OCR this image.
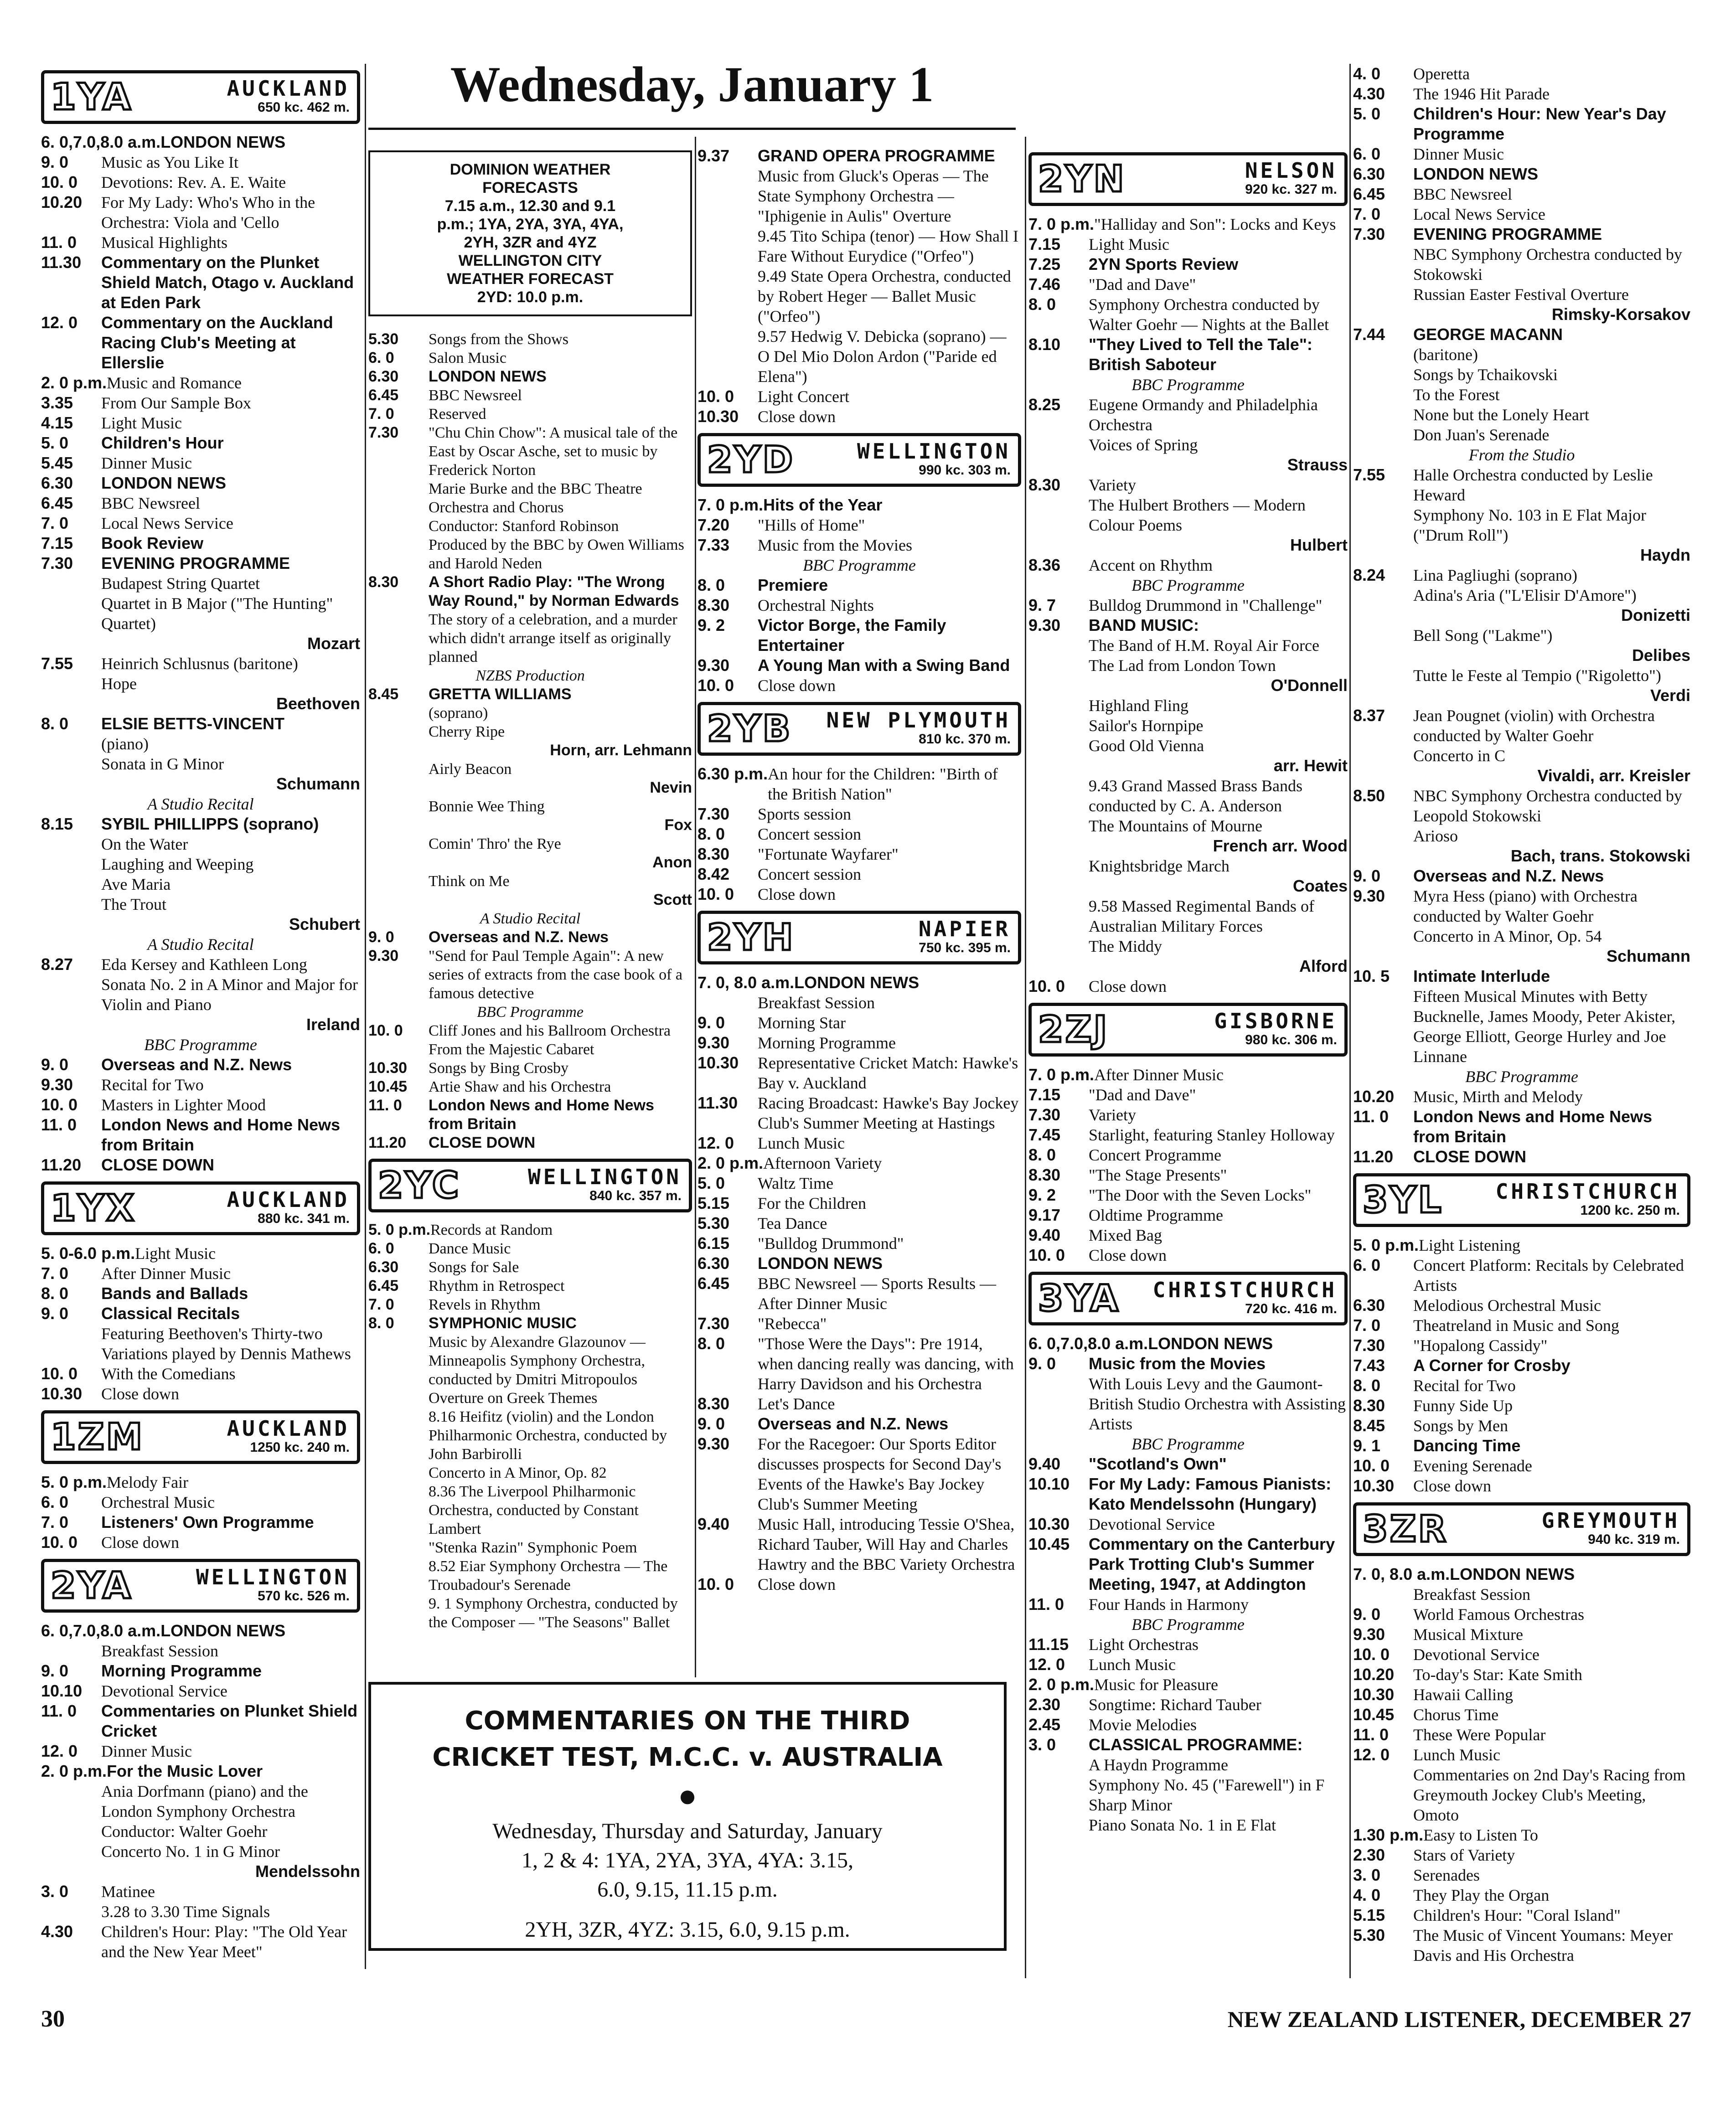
Wednesday, January 1
1YA	AUCKLAND
650 kc. 462 m.
6. 0,7.0,8.0 a.m. LONDON NEWS
9. 0	Music as You Like It
10. 0	Devotions: Rev. A. E. Waite
10.20	For My Lady: Who's Who in the Orchestra: Viola and 'Cello
11. 0	Musical Highlights
11.30	Commentary on the Plunket Shield Match, Otago v. Auckland at Eden Park
12. 0	Commentary on the Auckland Racing Club's Meeting at Ellerslie
2. 0 p.m. Music and Romance
3.35	From Our Sample Box
4.15	Light Music
5. 0	Children's Hour
5.45	Dinner Music
6.30	LONDON NEWS
6.45	BBC Newsreel
7. 0	Local News Service
7.15	Book Review
7.30	EVENING PROGRAMME
Budapest String Quartet
Quartet in B Major ("The Hunting" Quartet)
Mozart
7.55	Heinrich Schlusnus (baritone)
Hope
Beethoven
8. 0	ELSIE BETTS-VINCENT
(piano)
Sonata in G Minor
Schumann
A Studio Recital
8.15	SYBIL PHILLIPPS (soprano)
On the Water
Laughing and Weeping
Ave Maria
The Trout
Schubert
A Studio Recital
8.27	Eda Kersey and Kathleen Long
Sonata No. 2 in A Minor and Major for Violin and Piano
Ireland
BBC Programme
9. 0	Overseas and N.Z. News
9.30	Recital for Two
10. 0	Masters in Lighter Mood
11. 0	London News and Home News from Britain
11.20	CLOSE DOWN
1YX	AUCKLAND
880 kc. 341 m.
5. 0-6.0 p.m. Light Music
7. 0	After Dinner Music
8. 0	Bands and Ballads
9. 0	Classical Recitals
Featuring Beethoven's Thirty-two Variations played by Dennis Mathews
10. 0	With the Comedians
10.30	Close down
1ZM	AUCKLAND
1250 kc. 240 m.
5. 0 p.m. Melody Fair
6. 0	Orchestral Music
7. 0	Listeners' Own Programme
10. 0	Close down
2YA	WELLINGTON
570 kc. 526 m.
6. 0,7.0,8.0 a.m. LONDON NEWS
Breakfast Session
9. 0	Morning Programme
10.10	Devotional Service
11. 0	Commentaries on Plunket Shield Cricket
12. 0	Dinner Music
2. 0 p.m. For the Music Lover
Ania Dorfmann (piano) and the London Symphony Orchestra
Conductor: Walter Goehr
Concerto No. 1 in G Minor
Mendelssohn
3. 0	Matinee
3.28 to 3.30 Time Signals
4.30	Children's Hour: Play: "The Old Year and the New Year Meet"
DOMINION WEATHER
FORECASTS
7.15 a.m., 12.30 and 9.1
p.m.; 1YA, 2YA, 3YA, 4YA,
2YH, 3ZR and 4YZ
WELLINGTON CITY
WEATHER FORECAST
2YD: 10.0 p.m.
5.30	Songs from the Shows
6. 0	Salon Music
6.30	LONDON NEWS
6.45	BBC Newsreel
7. 0	Reserved
7.30	"Chu Chin Chow": A musical tale of the East by Oscar Asche, set to music by Frederick Norton
Marie Burke and the BBC Theatre Orchestra and Chorus
Conductor: Stanford Robinson
Produced by the BBC by Owen Williams and Harold Neden
8.30	A Short Radio Play: "The Wrong Way Round," by Norman Edwards
The story of a celebration, and a murder which didn't arrange itself as originally planned
NZBS Production
8.45	GRETTA WILLIAMS
(soprano)
Cherry Ripe
Horn, arr. Lehmann
Airly Beacon
Nevin
Bonnie Wee Thing
Fox
Comin' Thro' the Rye
Anon
Think on Me
Scott
A Studio Recital
9. 0	Overseas and N.Z. News
9.30	"Send for Paul Temple Again": A new series of extracts from the case book of a famous detective
BBC Programme
10. 0	Cliff Jones and his Ballroom Orchestra From the Majestic Cabaret
10.30	Songs by Bing Crosby
10.45	Artie Shaw and his Orchestra
11. 0	London News and Home News from Britain
11.20	CLOSE DOWN
2YC	WELLINGTON
840 kc. 357 m.
5. 0 p.m. Records at Random
6. 0	Dance Music
6.30	Songs for Sale
6.45	Rhythm in Retrospect
7. 0	Revels in Rhythm
8. 0	SYMPHONIC MUSIC
Music by Alexandre Glazounov — Minneapolis Symphony Orchestra, conducted by Dmitri Mitropoulos
Overture on Greek Themes
8.16 Heifitz (violin) and the London Philharmonic Orchestra, conducted by John Barbirolli
Concerto in A Minor, Op. 82
8.36 The Liverpool Philharmonic Orchestra, conducted by Constant Lambert
"Stenka Razin" Symphonic Poem
8.52 Eiar Symphony Orchestra — The Troubadour's Serenade
9. 1 Symphony Orchestra, conducted by the Composer — "The Seasons" Ballet
9.37	GRAND OPERA PROGRAMME
Music from Gluck's Operas — The State Symphony Orchestra — "Iphigenie in Aulis" Overture
9.45 Tito Schipa (tenor) — How Shall I Fare Without Eurydice ("Orfeo")
9.49 State Opera Orchestra, conducted by Robert Heger — Ballet Music ("Orfeo")
9.57 Hedwig V. Debicka (soprano) — O Del Mio Dolon Ardon ("Paride ed Elena")
10. 0	Light Concert
10.30	Close down
2YD	WELLINGTON
990 kc. 303 m.
7. 0 p.m. Hits of the Year
7.20	"Hills of Home"
7.33	Music from the Movies
BBC Programme
8. 0	Premiere
8.30	Orchestral Nights
9. 2	Victor Borge, the Family Entertainer
9.30	A Young Man with a Swing Band
10. 0	Close down
2YB NEW PLYMOUTH
810 kc. 370 m.
6.30 p.m. An hour for the Children: "Birth of the British Nation"
7.30	Sports session
8. 0	Concert session
8.30	"Fortunate Wayfarer"
8.42	Concert session
10. 0	Close down
2YH	NAPIER
750 kc. 395 m.
7. 0, 8.0 a.m. LONDON NEWS
Breakfast Session
9. 0	Morning Star
9.30	Morning Programme
10.30	Representative Cricket Match: Hawke's Bay v. Auckland
11.30	Racing Broadcast: Hawke's Bay Jockey Club's Summer Meeting at Hastings
12. 0	Lunch Music
2. 0 p.m. Afternoon Variety
5. 0	Waltz Time
5.15	For the Children
5.30	Tea Dance
6.15	"Bulldog Drummond"
6.30	LONDON NEWS
6.45	BBC Newsreel — Sports Results — After Dinner Music
7.30	"Rebecca"
8. 0	"Those Were the Days": Pre 1914, when dancing really was dancing, with Harry Davidson and his Orchestra
8.30	Let's Dance
9. 0	Overseas and N.Z. News
9.30	For the Racegoer: Our Sports Editor discusses prospects for Second Day's Events of the Hawke's Bay Jockey Club's Summer Meeting
9.40	Music Hall, introducing Tessie O'Shea, Richard Tauber, Will Hay and Charles Hawtry and the BBC Variety Orchestra
10. 0	Close down
2YN	NELSON
920 kc. 327 m.
7. 0 p.m. "Halliday and Son": Locks and Keys
7.15	Light Music
7.25	2YN Sports Review
7.46	"Dad and Dave"
8. 0	Symphony Orchestra conducted by Walter Goehr — Nights at the Ballet
8.10	"They Lived to Tell the Tale": British Saboteur
BBC Programme
8.25	Eugene Ormandy and Philadelphia Orchestra
Voices of Spring
Strauss
8.30	Variety
The Hulbert Brothers — Modern Colour Poems
Hulbert
8.36	Accent on Rhythm
BBC Programme
9. 7	Bulldog Drummond in "Challenge"
9.30	BAND MUSIC:
The Band of H.M. Royal Air Force
The Lad from London Town
O'Donnell
Highland Fling
Sailor's Hornpipe
Good Old Vienna
arr. Hewit
9.43 Grand Massed Brass Bands conducted by C. A. Anderson
The Mountains of Mourne
French arr. Wood
Knightsbridge March
Coates
9.58 Massed Regimental Bands of Australian Military Forces
The Middy
Alford
10. 0	Close down
2ZJ	GISBORNE
980 kc. 306 m.
7. 0 p.m. After Dinner Music
7.15	"Dad and Dave"
7.30	Variety
7.45	Starlight, featuring Stanley Holloway
8. 0	Concert Programme
8.30	"The Stage Presents"
9. 2	"The Door with the Seven Locks"
9.17	Oldtime Programme
9.40	Mixed Bag
10. 0	Close down
3YA CHRISTCHURCH
720 kc. 416 m.
6. 0,7.0,8.0 a.m. LONDON NEWS
9. 0	Music from the Movies
With Louis Levy and the Gaumont-British Studio Orchestra with Assisting Artists
BBC Programme
9.40	"Scotland's Own"
10.10	For My Lady: Famous Pianists: Kato Mendelssohn (Hungary)
10.30	Devotional Service
10.45	Commentary on the Canterbury Park Trotting Club's Summer Meeting, 1947, at Addington
11. 0	Four Hands in Harmony
BBC Programme
11.15	Light Orchestras
12. 0	Lunch Music
2. 0 p.m. Music for Pleasure
2.30	Songtime: Richard Tauber
2.45	Movie Melodies
3. 0	CLASSICAL PROGRAMME:
A Haydn Programme
Symphony No. 45 ("Farewell") in F Sharp Minor
Piano Sonata No. 1 in E Flat
4. 0	Operetta
4.30	The 1946 Hit Parade
5. 0	Children's Hour: New Year's Day Programme
6. 0	Dinner Music
6.30	LONDON NEWS
6.45	BBC Newsreel
7. 0	Local News Service
7.30	EVENING PROGRAMME
NBC Symphony Orchestra conducted by Stokowski
Russian Easter Festival Overture
Rimsky-Korsakov
7.44	GEORGE MACANN
(baritone)
Songs by Tchaikovski
To the Forest
None but the Lonely Heart
Don Juan's Serenade
From the Studio
7.55	Halle Orchestra conducted by Leslie Heward
Symphony No. 103 in E Flat Major ("Drum Roll")
Haydn
8.24	Lina Pagliughi (soprano)
Adina's Aria ("L'Elisir D'Amore")
Donizetti
Bell Song ("Lakme")
Delibes
Tutte le Feste al Tempio ("Rigoletto")
Verdi
8.37	Jean Pougnet (violin) with Orchestra conducted by Walter Goehr
Concerto in C
Vivaldi, arr. Kreisler
8.50	NBC Symphony Orchestra conducted by Leopold Stokowski
Arioso
Bach, trans. Stokowski
9. 0	Overseas and N.Z. News
9.30	Myra Hess (piano) with Orchestra conducted by Walter Goehr
Concerto in A Minor, Op. 54
Schumann
10. 5	Intimate Interlude
Fifteen Musical Minutes with Betty Bucknelle, James Moody, Peter Akister, George Elliott, George Hurley and Joe Linnane
BBC Programme
10.20	Music, Mirth and Melody
11. 0	London News and Home News from Britain
11.20	CLOSE DOWN
3YL	CHRISTCHURCH
1200 kc. 250 m.
5. 0 p.m. Light Listening
6. 0	Concert Platform: Recitals by Celebrated Artists
6.30	Melodious Orchestral Music
7. 0	Theatreland in Music and Song
7.30	"Hopalong Cassidy"
7.43	A Corner for Crosby
8. 0	Recital for Two
8.30	Funny Side Up
8.45	Songs by Men
9. 1	Dancing Time
10. 0	Evening Serenade
10.30	Close down
3ZR	GREYMOUTH
940 kc. 319 m.
7. 0, 8.0 a.m. LONDON NEWS
Breakfast Session
9. 0	World Famous Orchestras
9.30	Musical Mixture
10. 0	Devotional Service
10.20	To-day's Star: Kate Smith
10.30	Hawaii Calling
10.45	Chorus Time
11. 0	These Were Popular
12. 0	Lunch Music
Commentaries on 2nd Day's Racing from Greymouth Jockey Club's Meeting, Omoto
1.30 p.m. Easy to Listen To
2.30	Stars of Variety
3. 0	Serenades
4. 0	They Play the Organ
5.15	Children's Hour: "Coral Island"
5.30	The Music of Vincent Youmans: Meyer Davis and His Orchestra
COMMENTARIES ON THE THIRD
CRICKET TEST, M.C.C. v. AUSTRALIA
●
Wednesday, Thursday and Saturday, January
1, 2 & 4: 1YA, 2YA, 3YA, 4YA: 3.15,
6.0, 9.15, 11.15 p.m.
2YH, 3ZR, 4YZ: 3.15, 6.0, 9.15 p.m.
30	NEW ZEALAND LISTENER, DECEMBER 27
